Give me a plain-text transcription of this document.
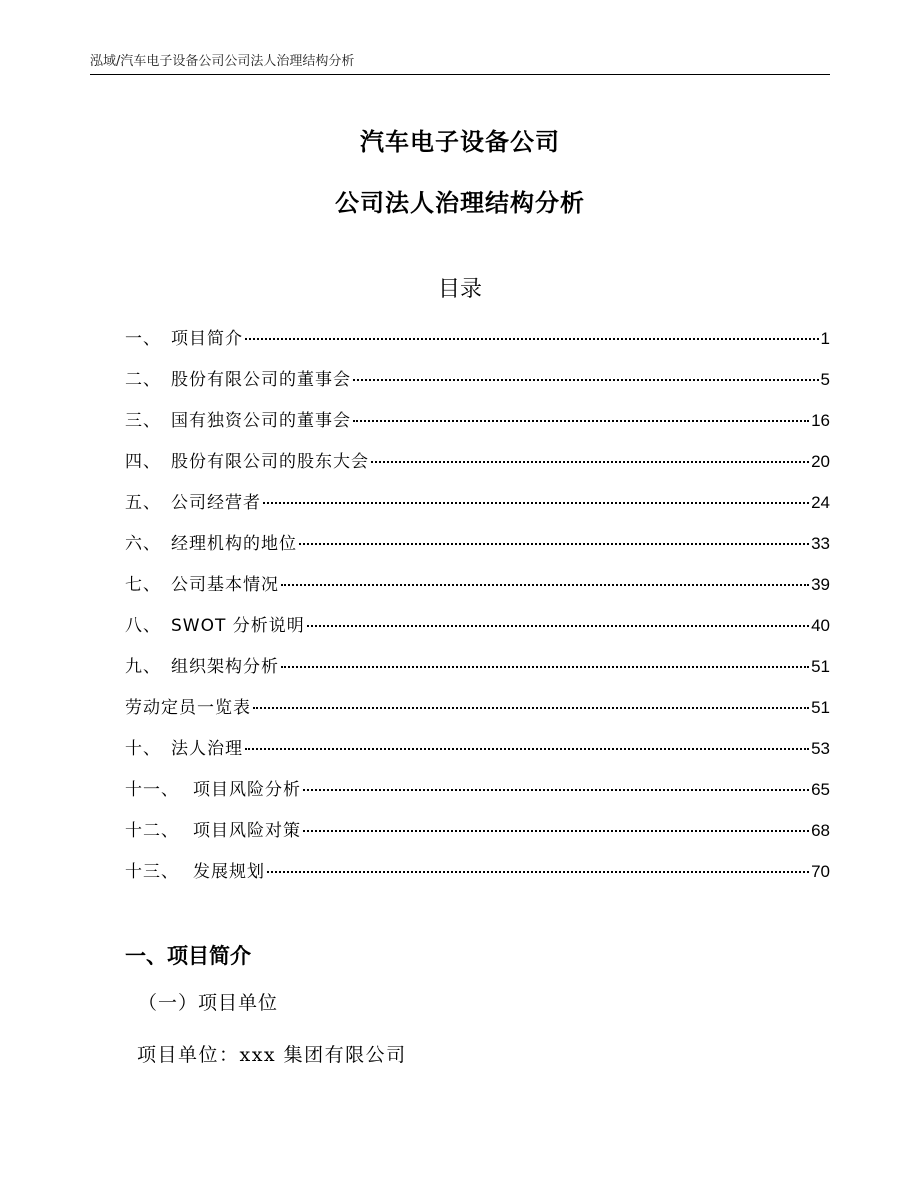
泓域/汽车电子设备公司公司法人治理结构分析
汽车电子设备公司
公司法人治理结构分析
目录
一、 项目简介	1
二、 股份有限公司的董事会	5
三、 国有独资公司的董事会	16
四、 股份有限公司的股东大会	20
五、 公司经营者	24
六、 经理机构的地位	33
七、 公司基本情况	39
八、 SWOT 分析说明	40
九、 组织架构分析	51
劳动定员一览表	51
十、 法人治理	53
十一、 项目风险分析	65
十二、 项目风险对策	68
十三、 发展规划	70
一、项目简介
（一）项目单位
项目单位：xxx 集团有限公司
